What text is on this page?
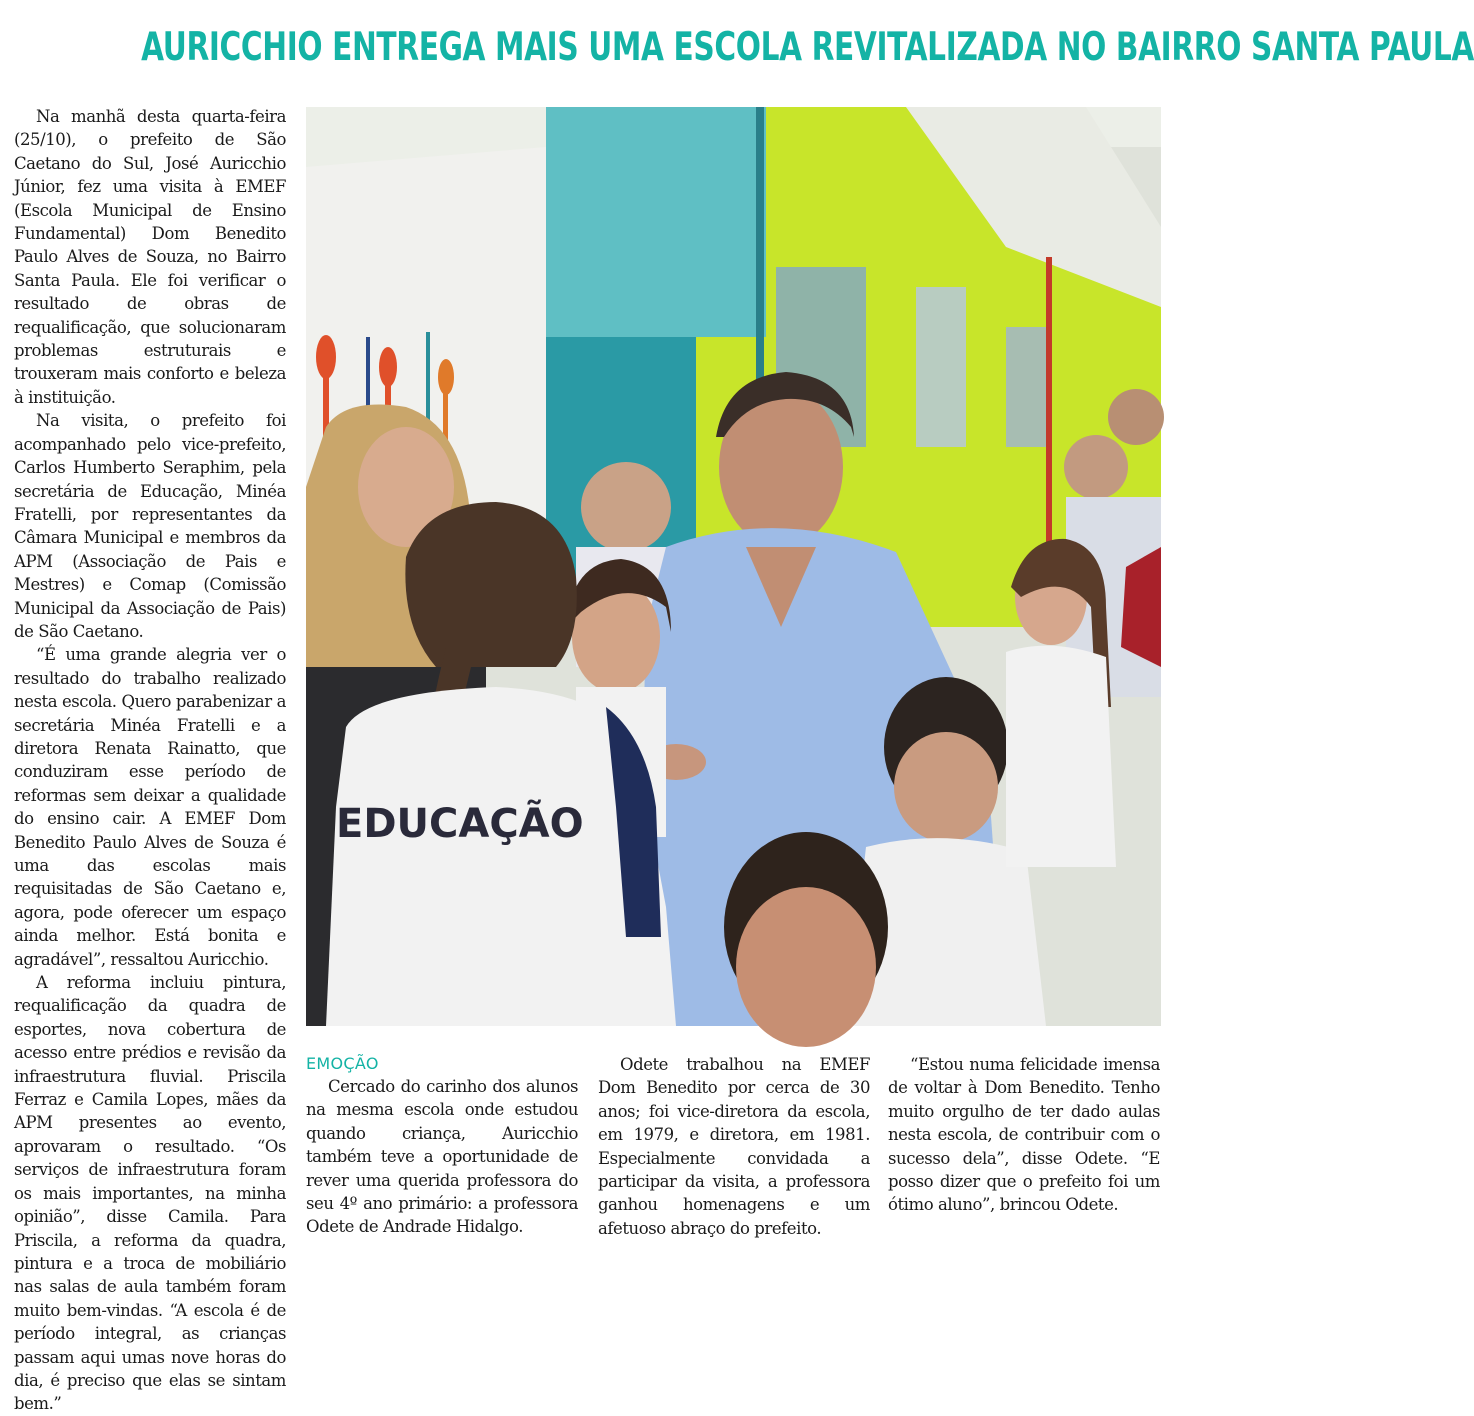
AURICCHIO ENTREGA MAIS UMA ESCOLA REVITALIZADA NO BAIRRO SANTA PAULA

Na manhã desta quarta-feira (25/10), o prefeito de São Caetano do Sul, José Auricchio Júnior, fez uma visita à EMEF (Escola Municipal de Ensino Fundamental) Dom Benedito Paulo Alves de Souza, no Bairro Santa Paula. Ele foi verificar o resultado de obras de requalificação, que solucionaram problemas estruturais e trouxeram mais conforto e beleza à instituição.

Na visita, o prefeito foi acompanhado pelo vice-prefeito, Carlos Humberto Seraphim, pela secretária de Educação, Minéa Fratelli, por representantes da Câmara Municipal e membros da APM (Associação de Pais e Mestres) e Comap (Comissão Municipal da Associação de Pais) de São Caetano.

“É uma grande alegria ver o resultado do trabalho realizado nesta escola. Quero parabenizar a secretária Minéa Fratelli e a diretora Renata Rainatto, que conduziram esse período de reformas sem deixar a qualidade do ensino cair. A EMEF Dom Benedito Paulo Alves de Souza é uma das escolas mais requisitadas de São Caetano e, agora, pode oferecer um espaço ainda melhor. Está bonita e agradável”, ressaltou Auricchio.

A reforma incluiu pintura, requalificação da quadra de esportes, nova cobertura de acesso entre prédios e revisão da infraestrutura fluvial. Priscila Ferraz e Camila Lopes, mães da APM presentes ao evento, aprovaram o resultado. “Os serviços de infraestrutura foram os mais importantes, na minha opinião”, disse Camila. Para Priscila, a reforma da quadra, pintura e a troca de mobiliário nas salas de aula também foram muito bem-vindas. “A escola é de período integral, as crianças passam aqui umas nove horas do dia, é preciso que elas se sintam bem.”

EDUCAÇÃO
EMOÇÃO

Cercado do carinho dos alunos na mesma escola onde estudou quando criança, Auricchio também teve a oportunidade de rever uma querida professora do seu 4º ano primário: a professora Odete de Andrade Hidalgo.

Odete trabalhou na EMEF Dom Benedito por cerca de 30 anos; foi vice-diretora da escola, em 1979, e diretora, em 1981. Especialmente convidada a participar da visita, a professora ganhou homenagens e um afetuoso abraço do prefeito.

“Estou numa felicidade imensa de voltar à Dom Benedito. Tenho muito orgulho de ter dado aulas nesta escola, de contribuir com o sucesso dela”, disse Odete. “E posso dizer que o prefeito foi um ótimo aluno”, brincou Odete.
